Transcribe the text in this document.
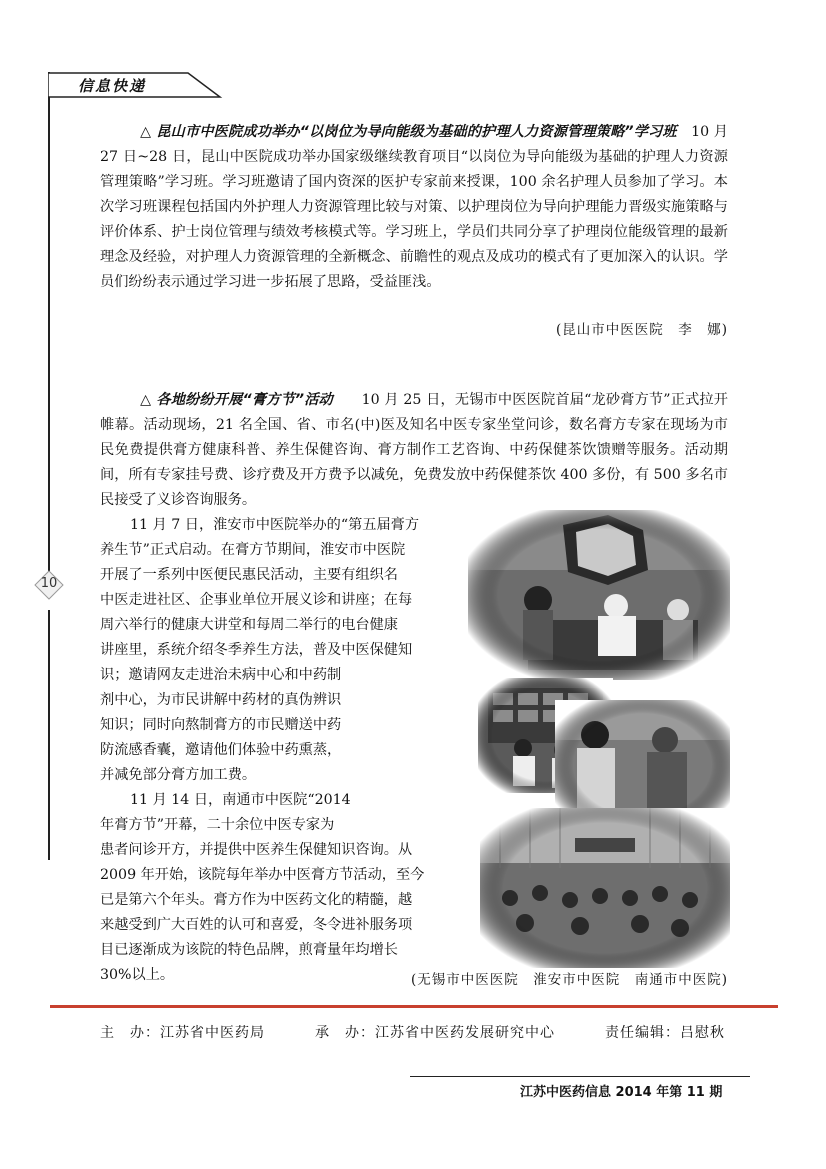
信息快递
10
△ 昆山市中医院成功举办“以岗位为导向能级为基础的护理人力资源管理策略”学习班　 10 月 27 日~28 日，昆山中医院成功举办国家级继续教育项目“以岗位为导向能级为基础的护理人力资源管理策略”学习班。学习班邀请了国内资深的医护专家前来授课，100 余名护理人员参加了学习。本次学习班课程包括国内外护理人力资源管理比较与对策、以护理岗位为导向护理能力晋级实施策略与评价体系、护士岗位管理与绩效考核模式等。学习班上，学员们共同分享了护理岗位能级管理的最新理念及经验，对护理人力资源管理的全新概念、前瞻性的观点及成功的模式有了更加深入的认识。学员们纷纷表示通过学习进一步拓展了思路，受益匪浅。
(昆山市中医医院　李　娜)
△ 各地纷纷开展“膏方节”活动　　 10 月 25 日，无锡市中医医院首届“龙砂膏方节”正式拉开帷幕。活动现场，21 名全国、省、市名(中)医及知名中医专家坐堂问诊，数名膏方专家在现场为市民免费提供膏方健康科普、养生保健咨询、膏方制作工艺咨询、中药保健茶饮馈赠等服务。活动期间，所有专家挂号费、诊疗费及开方费予以减免，免费发放中药保健茶饮 400 多份，有 500 多名市民接受了义诊咨询服务。
11 月 7 日，淮安市中医院举办的“第五届膏方
养生节”正式启动。在膏方节期间，淮安市中医院
开展了一系列中医便民惠民活动，主要有组织名
中医走进社区、企事业单位开展义诊和讲座；在每
周六举行的健康大讲堂和每周二举行的电台健康
讲座里，系统介绍冬季养生方法，普及中医保健知
识；邀请网友走进治未病中心和中药制
剂中心，为市民讲解中药材的真伪辨识
知识；同时向熬制膏方的市民赠送中药
防流感香囊，邀请他们体验中药熏蒸，
并减免部分膏方加工费。
11 月 14 日，南通市中医院“2014
年膏方节”开幕，二十余位中医专家为
患者问诊开方，并提供中医养生保健知识咨询。从
2009 年开始，该院每年举办中医膏方节活动，至今
已是第六个年头。膏方作为中医药文化的精髓，越
来越受到广大百姓的认可和喜爱，冬令进补服务项
目已逐渐成为该院的特色品牌，煎膏量年均增长
30%以上。	(无锡市中医医院　淮安市中医院　南通市中医院)
主　办：江苏省中医药局	承　办：江苏省中医药发展研究中心	责任编辑：吕慰秋
江苏中医药信息 2014 年第 11 期
